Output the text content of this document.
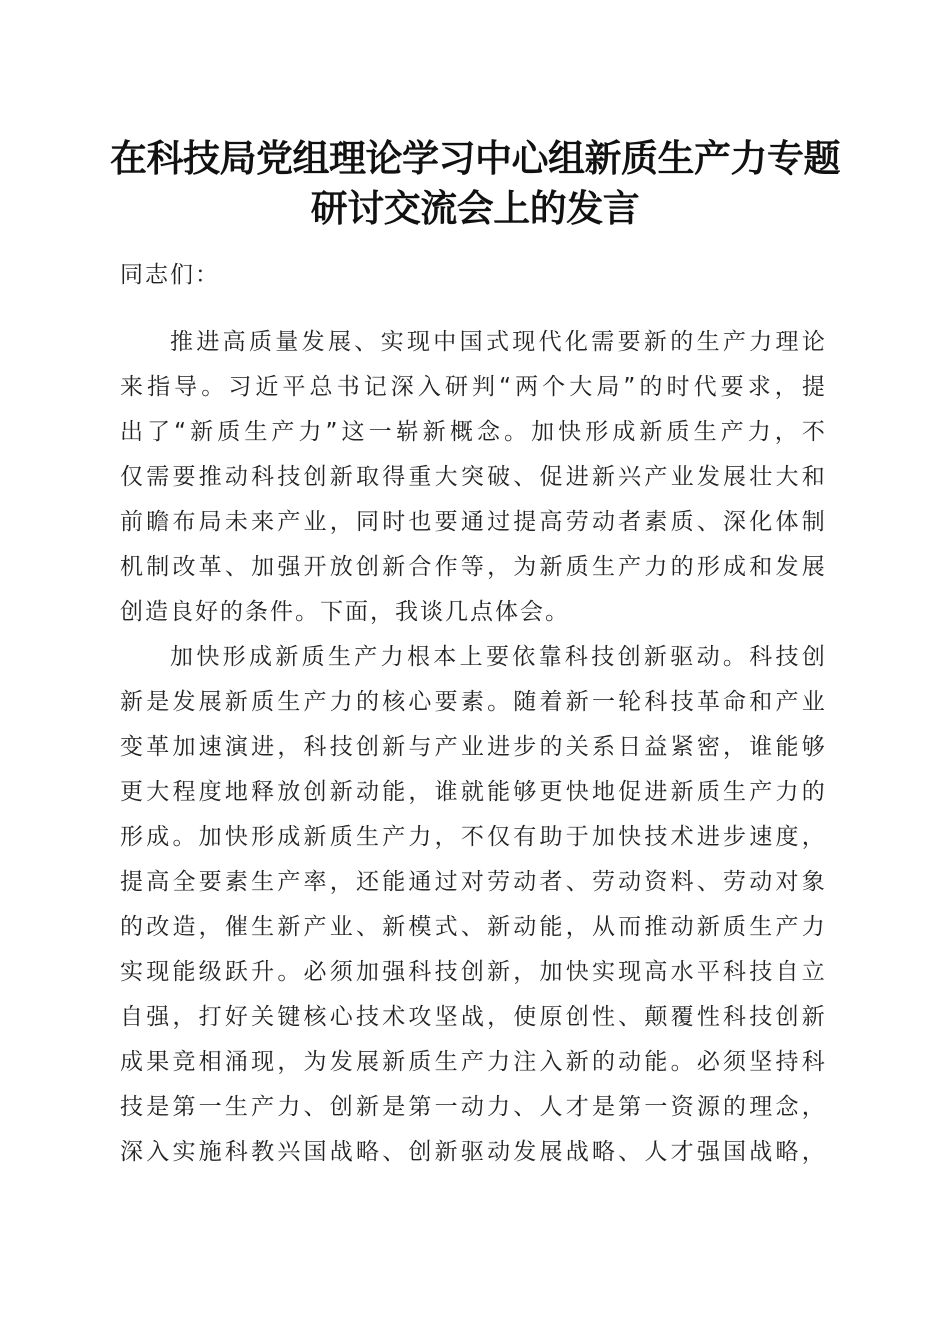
在科技局党组理论学习中心组新质生产力专题
研讨交流会上的发言
同志们：
推 进 高 质 量 发 展 、 实 现 中 国 式 现 代 化 需 要 新 的 生 产 力 理 论
来 指 导 。 习 近 平 总 书 记 深 入 研 判 “ 两 个 大 局 ” 的 时 代 要 求 ， 提
出 了 “ 新 质 生 产 力 ” 这 一 崭 新 概 念 。 加 快 形 成 新 质 生 产 力 ， 不
仅 需 要 推 动 科 技 创 新 取 得 重 大 突 破 、 促 进 新 兴 产 业 发 展 壮 大 和
前 瞻 布 局 未 来 产 业 ， 同 时 也 要 通 过 提 高 劳 动 者 素 质 、 深 化 体 制
机 制 改 革 、 加 强 开 放 创 新 合 作 等 ， 为 新 质 生 产 力 的 形 成 和 发 展
创造良好的条件。下面，我谈几点体会。
加 快 形 成 新 质 生 产 力 根 本 上 要 依 靠 科 技 创 新 驱 动 。 科 技 创
新 是 发 展 新 质 生 产 力 的 核 心 要 素 。 随 着 新 一 轮 科 技 革 命 和 产 业
变 革 加 速 演 进 ， 科 技 创 新 与 产 业 进 步 的 关 系 日 益 紧 密 ， 谁 能 够
更 大 程 度 地 释 放 创 新 动 能 ， 谁 就 能 够 更 快 地 促 进 新 质 生 产 力 的
形 成 。 加 快 形 成 新 质 生 产 力 ， 不 仅 有 助 于 加 快 技 术 进 步 速 度 ，
提 高 全 要 素 生 产 率 ， 还 能 通 过 对 劳 动 者 、 劳 动 资 料 、 劳 动 对 象
的 改 造 ， 催 生 新 产 业 、 新 模 式 、 新 动 能 ， 从 而 推 动 新 质 生 产 力
实 现 能 级 跃 升 。 必 须 加 强 科 技 创 新 ， 加 快 实 现 高 水 平 科 技 自 立
自 强 ， 打 好 关 键 核 心 技 术 攻 坚 战 ， 使 原 创 性 、 颠 覆 性 科 技 创 新
成 果 竞 相 涌 现 ， 为 发 展 新 质 生 产 力 注 入 新 的 动 能 。 必 须 坚 持 科
技 是 第 一 生 产 力 、 创 新 是 第 一 动 力 、 人 才 是 第 一 资 源 的 理 念 ，
深 入 实 施 科 教 兴 国 战 略 、 创 新 驱 动 发 展 战 略 、 人 才 强 国 战 略 ，
